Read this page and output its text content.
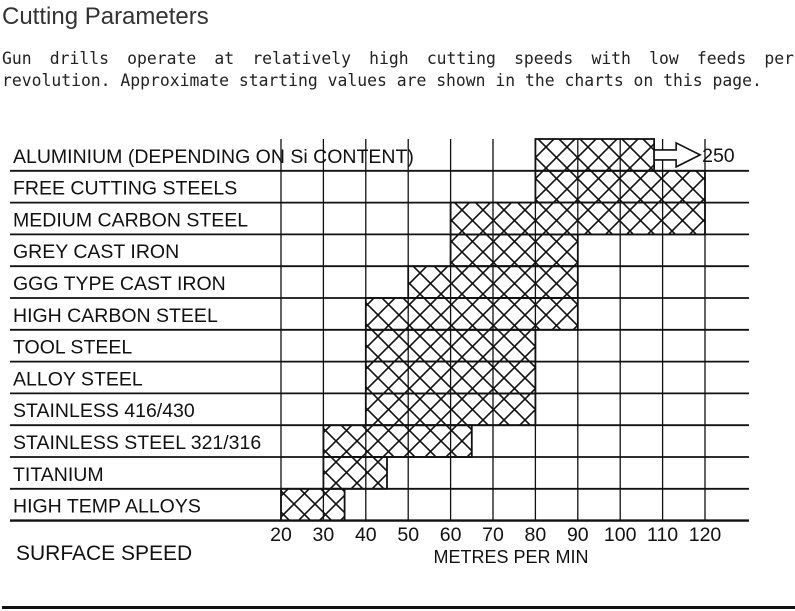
Cutting Parameters

Gun drills operate at relatively high cutting speeds with low feeds per revolution. Approximate starting values are shown in the charts on this page.

250
ALUMINIUM (DEPENDING ON Si CONTENT)
FREE CUTTING STEELS
MEDIUM CARBON STEEL
GREY CAST IRON
GGG TYPE CAST IRON
HIGH CARBON STEEL
TOOL STEEL
ALLOY STEEL
STAINLESS 416/430
STAINLESS STEEL 321/316
TITANIUM
HIGH TEMP ALLOYS
20 30 40 50 60 70 80 90 100 110 120
SURFACE SPEED	METRES PER MIN
